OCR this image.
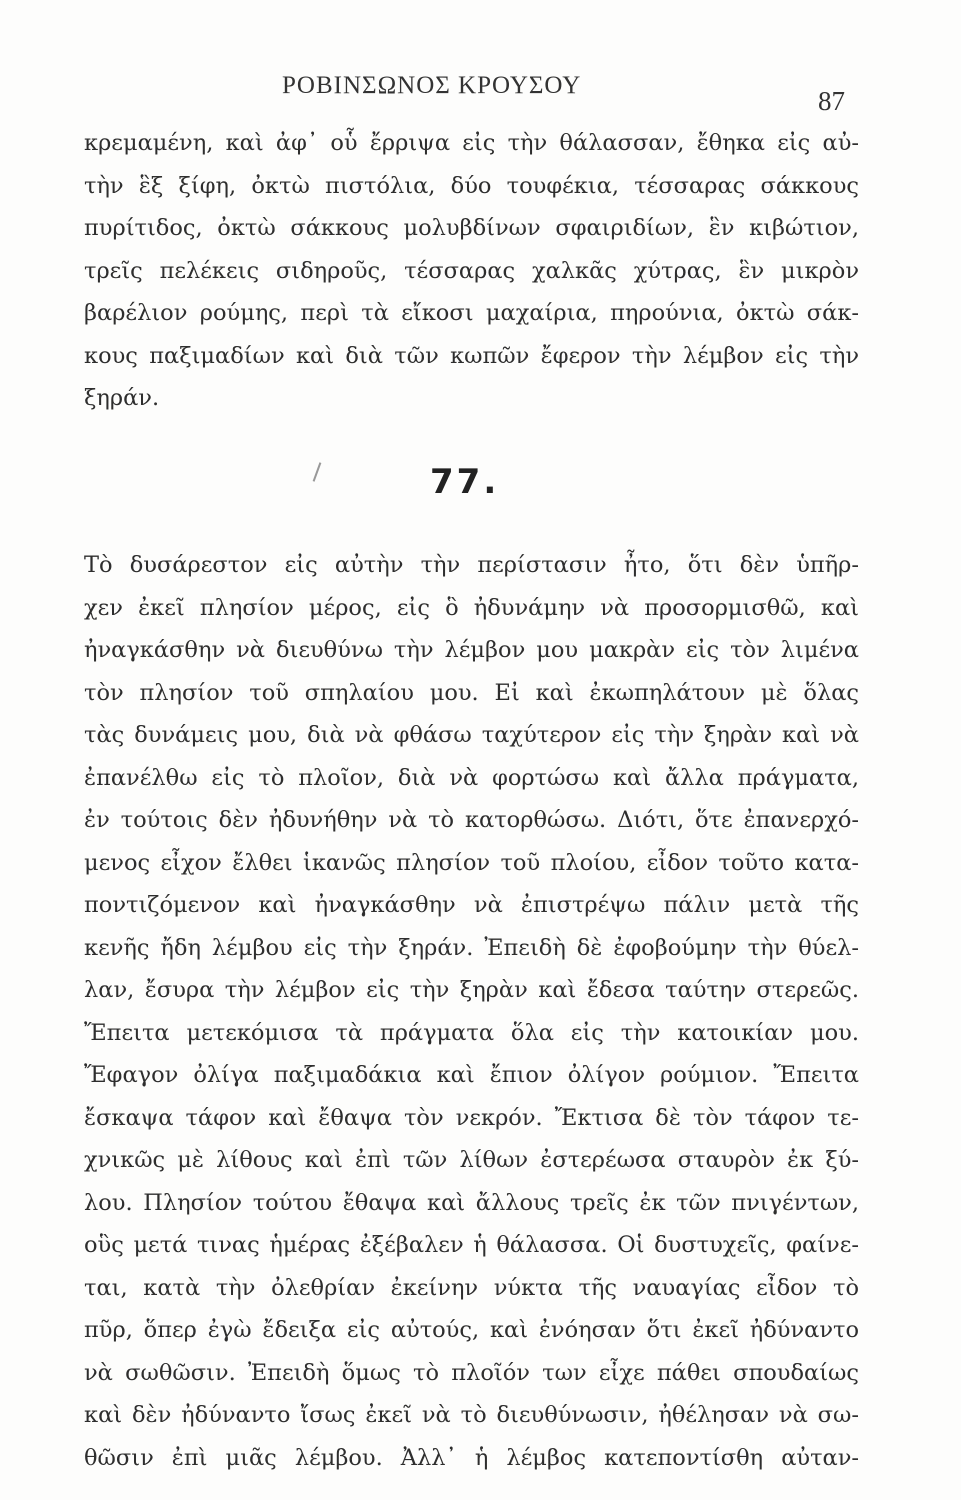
ΡΟΒΙΝΣΩΝΟΣ ΚΡΟΥΣΟΥ
87
κρεμαμένη, καὶ ἀφ᾽ οὗ ἔρριψα εἰς τὴν θάλασσαν, ἔθηκα εἰς αὐ-
τὴν ἓξ ξίφη, ὀκτὼ πιστόλια, δύο τουφέκια, τέσσαρας σάκκους
πυρίτιδος, ὀκτὼ σάκκους μολυβδίνων σφαιριδίων, ἓν κιβώτιον,
τρεῖς πελέκεις σιδηροῦς, τέσσαρας χαλκᾶς χύτρας, ἓν μικρὸν
βαρέλιον ρούμης, περὶ τὰ εἴκοσι μαχαίρια, πηρούνια, ὀκτὼ σάκ-
κους παξιμαδίων καὶ διὰ τῶν κωπῶν ἔφερον τὴν λέμβον εἰς τὴν
ξηράν.
77.
Τὸ δυσάρεστον εἰς αὐτὴν τὴν περίστασιν ἦτο, ὅτι δὲν ὑπῆρ-
χεν ἐκεῖ πλησίον μέρος, εἰς ὃ ἠδυνάμην νὰ προσορμισθῶ, καὶ
ἠναγκάσθην νὰ διευθύνω τὴν λέμβον μου μακρὰν εἰς τὸν λιμένα
τὸν πλησίον τοῦ σπηλαίου μου. Εἰ καὶ ἐκωπηλάτουν μὲ ὅλας
τὰς δυνάμεις μου, διὰ νὰ φθάσω ταχύτερον εἰς τὴν ξηρὰν καὶ νὰ
ἐπανέλθω εἰς τὸ πλοῖον, διὰ νὰ φορτώσω καὶ ἄλλα πράγματα,
ἐν τούτοις δὲν ἠδυνήθην νὰ τὸ κατορθώσω. Διότι, ὅτε ἐπανερχό-
μενος εἶχον ἔλθει ἱκανῶς πλησίον τοῦ πλοίου, εἶδον τοῦτο κατα-
ποντιζόμενον καὶ ἠναγκάσθην νὰ ἐπιστρέψω πάλιν μετὰ τῆς
κενῆς ἤδη λέμβου εἰς τὴν ξηράν. Ἐπειδὴ δὲ ἐφοβούμην τὴν θύελ-
λαν, ἔσυρα τὴν λέμβον εἰς τὴν ξηρὰν καὶ ἔδεσα ταύτην στερεῶς.
Ἔπειτα μετεκόμισα τὰ πράγματα ὅλα εἰς τὴν κατοικίαν μου.
Ἔφαγον ὀλίγα παξιμαδάκια καὶ ἔπιον ὀλίγον ρούμιον. Ἔπειτα
ἔσκαψα τάφον καὶ ἔθαψα τὸν νεκρόν. Ἔκτισα δὲ τὸν τάφον τε-
χνικῶς μὲ λίθους καὶ ἐπὶ τῶν λίθων ἐστερέωσα σταυρὸν ἐκ ξύ-
λου. Πλησίον τούτου ἔθαψα καὶ ἄλλους τρεῖς ἐκ τῶν πνιγέντων,
οὓς μετά τινας ἡμέρας ἐξέβαλεν ἡ θάλασσα. Οἱ δυστυχεῖς, φαίνε-
ται, κατὰ τὴν ὀλεθρίαν ἐκείνην νύκτα τῆς ναυαγίας εἶδον τὸ
πῦρ, ὅπερ ἐγὼ ἔδειξα εἰς αὐτούς, καὶ ἐνόησαν ὅτι ἐκεῖ ἠδύναντο
νὰ σωθῶσιν. Ἐπειδὴ ὅμως τὸ πλοῖόν των εἶχε πάθει σπουδαίως
καὶ δὲν ἠδύναντο ἴσως ἐκεῖ νὰ τὸ διευθύνωσιν, ἠθέλησαν νὰ σω-
θῶσιν ἐπὶ μιᾶς λέμβου. Ἀλλ᾽ ἡ λέμβος κατεποντίσθη αὐταν-
